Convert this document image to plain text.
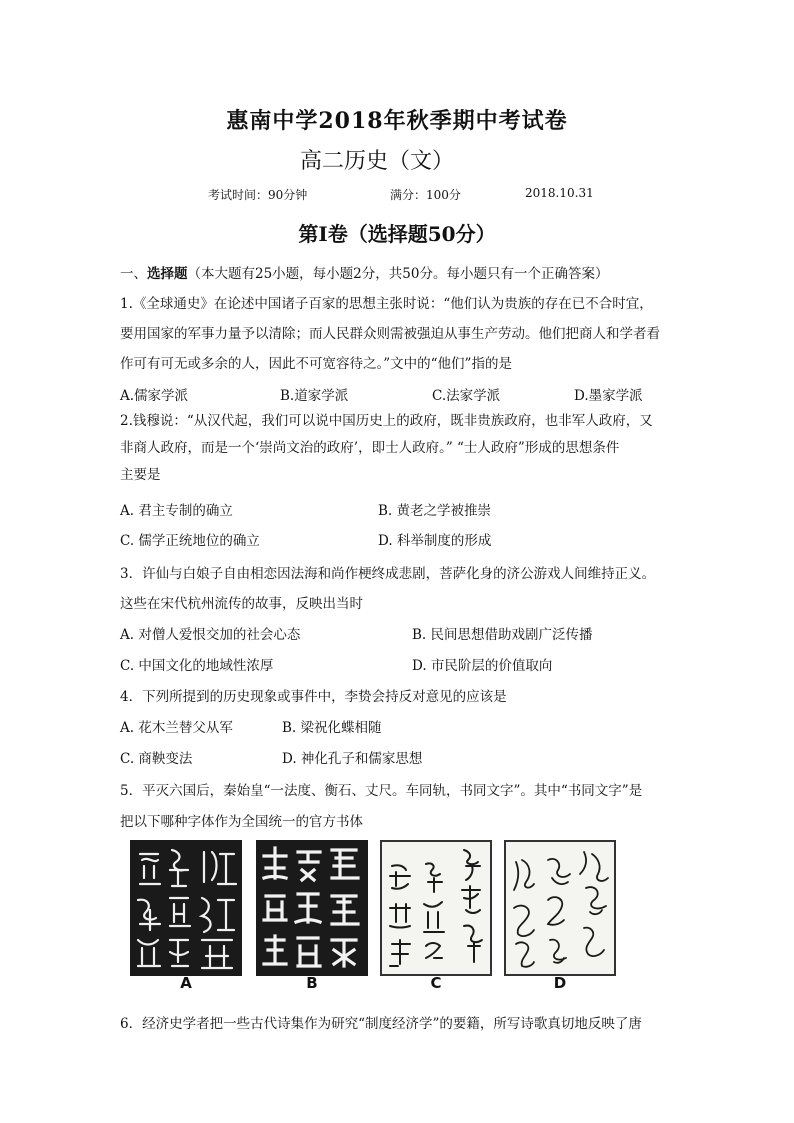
惠南中学2018年秋季期中考试卷
高二历史（文）
考试时间：90分钟	满分：100分	2018.10.31
第Ⅰ卷（选择题50分）
一、选择题（本大题有25小题，每小题2分，共50分。每小题只有一个正确答案）
1.《全球通史》在论述中国诸子百家的思想主张时说：“他们认为贵族的存在已不合时宜，
要用国家的军事力量予以清除；而人民群众则需被强迫从事生产劳动。他们把商人和学者看
作可有可无或多余的人，因此不可宽容待之。”文中的“他们”指的是
A.儒家学派	B.道家学派	C.法家学派	D.墨家学派
2.钱穆说：“从汉代起，我们可以说中国历史上的政府，既非贵族政府，也非军人政府，又
非商人政府，而是一个‘崇尚文治的政府’，即士人政府。” “士人政府”形成的思想条件
主要是
A. 君主专制的确立	B. 黄老之学被推崇
C. 儒学正统地位的确立	D. 科举制度的形成
3．许仙与白娘子自由相恋因法海和尚作梗终成悲剧，菩萨化身的济公游戏人间维持正义。
这些在宋代杭州流传的故事，反映出当时
A. 对僧人爱恨交加的社会心态	B. 民间思想借助戏剧广泛传播
C. 中国文化的地域性浓厚	D. 市民阶层的价值取向
4．下列所提到的历史现象或事件中，李贽会持反对意见的应该是
A. 花木兰替父从军	B. 梁祝化蝶相随
C. 商鞅变法	D. 神化孔子和儒家思想
5．平灭六国后，秦始皇“一法度、衡石、丈尺。车同轨，书同文字”。其中“书同文字”是
把以下哪种字体作为全国统一的官方书体
A	B	C	D
6．经济史学者把一些古代诗集作为研究“制度经济学”的要籍，所写诗歌真切地反映了唐
